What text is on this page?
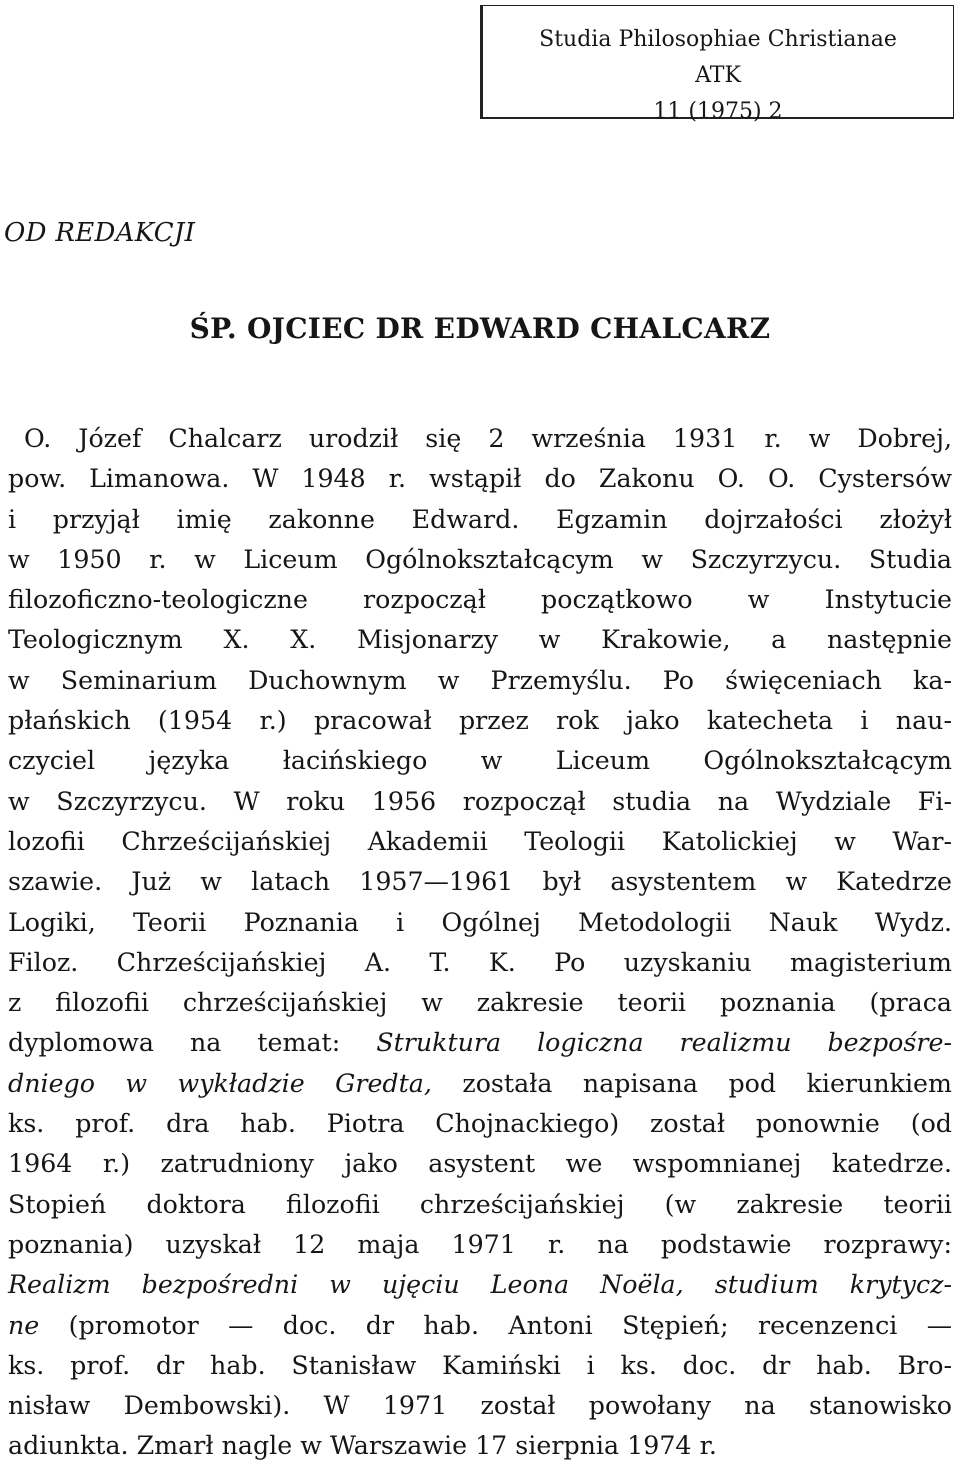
Studia Philosophiae Christianae
ATK
11 (1975) 2
OD REDAKCJI
ŚP. OJCIEC DR EDWARD CHALCARZ
O. Józef Chalcarz urodził się 2 września 1931 r. w Dobrej,
pow. Limanowa. W 1948 r. wstąpił do Zakonu O. O. Cystersów
i przyjął imię zakonne Edward. Egzamin dojrzałości złożył
w 1950 r. w Liceum Ogólnokształcącym w Szczyrzycu. Studia
filozoficzno-teologiczne rozpoczął początkowo w Instytucie
Teologicznym X. X. Misjonarzy w Krakowie, a następnie
w Seminarium Duchownym w Przemyślu. Po święceniach ka-
płańskich (1954 r.) pracował przez rok jako katecheta i nau-
czyciel języka łacińskiego w Liceum Ogólnokształcącym
w Szczyrzycu. W roku 1956 rozpoczął studia na Wydziale Fi-
lozofii Chrześcijańskiej Akademii Teologii Katolickiej w War-
szawie. Już w latach 1957—1961 był asystentem w Katedrze
Logiki, Teorii Poznania i Ogólnej Metodologii Nauk Wydz.
Filoz. Chrześcijańskiej A. T. K. Po uzyskaniu magisterium
z filozofii chrześcijańskiej w zakresie teorii poznania (praca
dyplomowa na temat: Struktura logiczna realizmu bezpośre-
dniego w wykładzie Gredta, została napisana pod kierunkiem
ks. prof. dra hab. Piotra Chojnackiego) został ponownie (od
1964 r.) zatrudniony jako asystent we wspomnianej katedrze.
Stopień doktora filozofii chrześcijańskiej (w zakresie teorii
poznania) uzyskał 12 maja 1971 r. na podstawie rozprawy:
Realizm bezpośredni w ujęciu Leona Noëla, studium krytycz-
ne (promotor — doc. dr hab. Antoni Stępień; recenzenci —
ks. prof. dr hab. Stanisław Kamiński i ks. doc. dr hab. Bro-
nisław Dembowski). W 1971 został powołany na stanowisko
adiunkta. Zmarł nagle w Warszawie 17 sierpnia 1974 r.
